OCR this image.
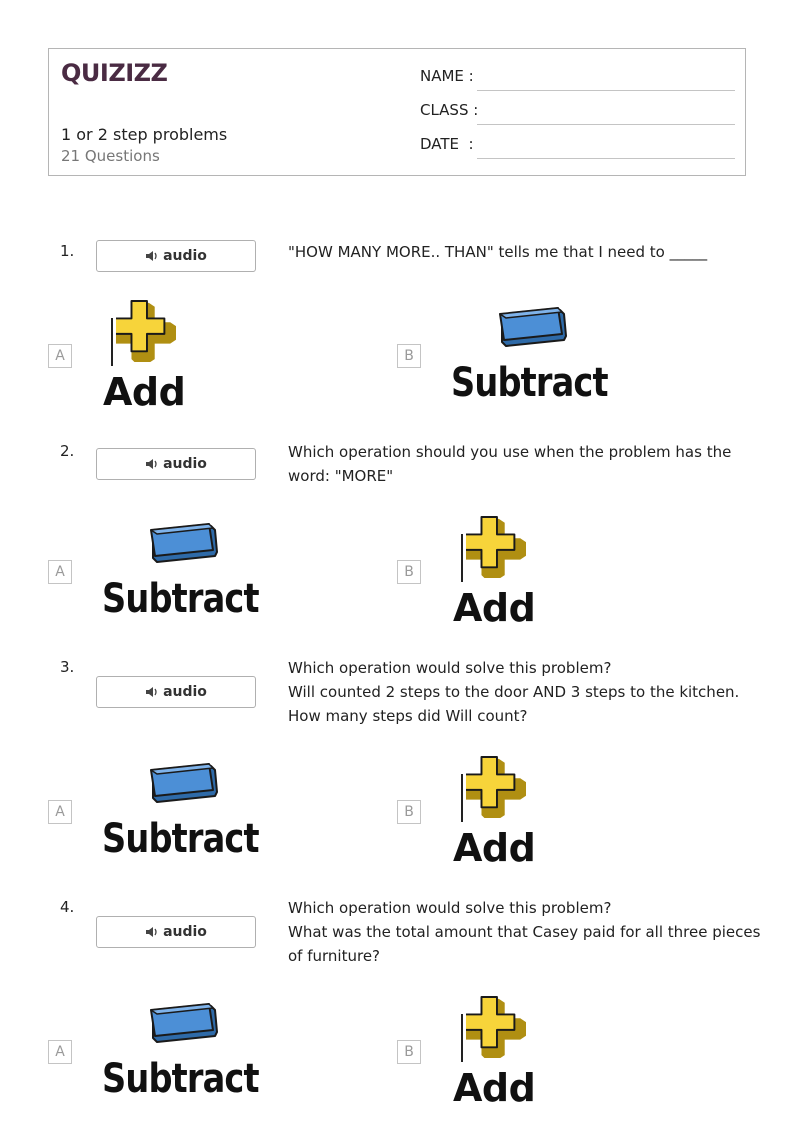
QUIZIZZ
1 or 2 step problems
21 Questions
NAME :
CLASS :
DATE  :
1.	audio	"HOW MANY MORE.. THAN" tells me that I need to _____
A
Add
B
Subtract
2.
audio
Which operation should you use when the problem has the
word: "MORE"
A
Subtract
B
Add
3.
audio
Which operation would solve this problem?
Will counted 2 steps to the door AND 3 steps to the kitchen.
How many steps did Will count?
A
Subtract
B
Add
4.
audio
Which operation would solve this problem?
What was the total amount that Casey paid for all three pieces
of furniture?
A
Subtract
B
Add
